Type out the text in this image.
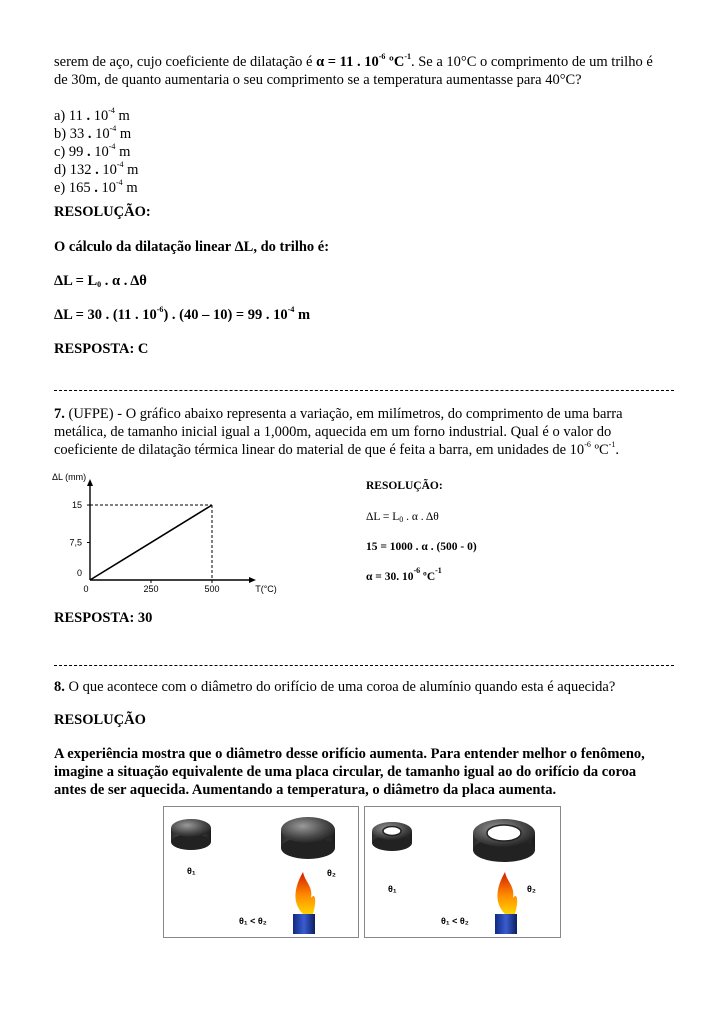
serem de aço, cujo coeficiente de dilatação é α = 11 . $10^{-6}$ ºC$^{-1}$. Se a 10°C o comprimento de um trilho é
de 30m, de quanto aumentaria o seu comprimento se a temperatura aumentasse para 40°C?
a) 11 . $10^{-4}$ m
b) 33 . $10^{-4}$ m
c) 99 . $10^{-4}$ m
d) 132 . $10^{-4}$ m
e) 165 . $10^{-4}$ m
RESOLUÇÃO:
O cálculo da dilatação linear ΔL, do trilho é:
$\Delta L = L_0$ . α . Δθ
ΔL = 30 . (11 . $10^{-6}$) . (40 – 10) = 99 . $10^{-4}$ m
RESPOSTA: C
7. (UFPE) - O gráfico abaixo representa a variação, em milímetros, do comprimento de uma barra
metálica, de tamanho inicial igual a 1,000m, aquecida em um forno industrial. Qual é o valor do
coeficiente de dilatação térmica linear do material de que é feita a barra, em unidades de $10^{-6}$ ºC$^{-1}$.
0
7,5
15
0	250	500
ΔL (mm)
T(°C)
RESOLUÇÃO:
$\Delta L = L_0$ . α . Δθ
15 = 1000 . α . (500 - 0)
α = 30. $10^{-6}$ ºC$^{-1}$
RESPOSTA: 30
8. O que acontece com o diâmetro do orifício de uma coroa de alumínio quando esta é aquecida?
RESOLUÇÃO
A experiência mostra que o diâmetro desse orifício aumenta. Para entender melhor o fenômeno,
imagine a situação equivalente de uma placa circular, de tamanho igual ao do orifício da coroa
antes de ser aquecida. Aumentando a temperatura, o diâmetro da placa aumenta.
θ₁	θ₂
θ₁ < θ₂
θ₁	θ₂
θ₁ < θ₂
